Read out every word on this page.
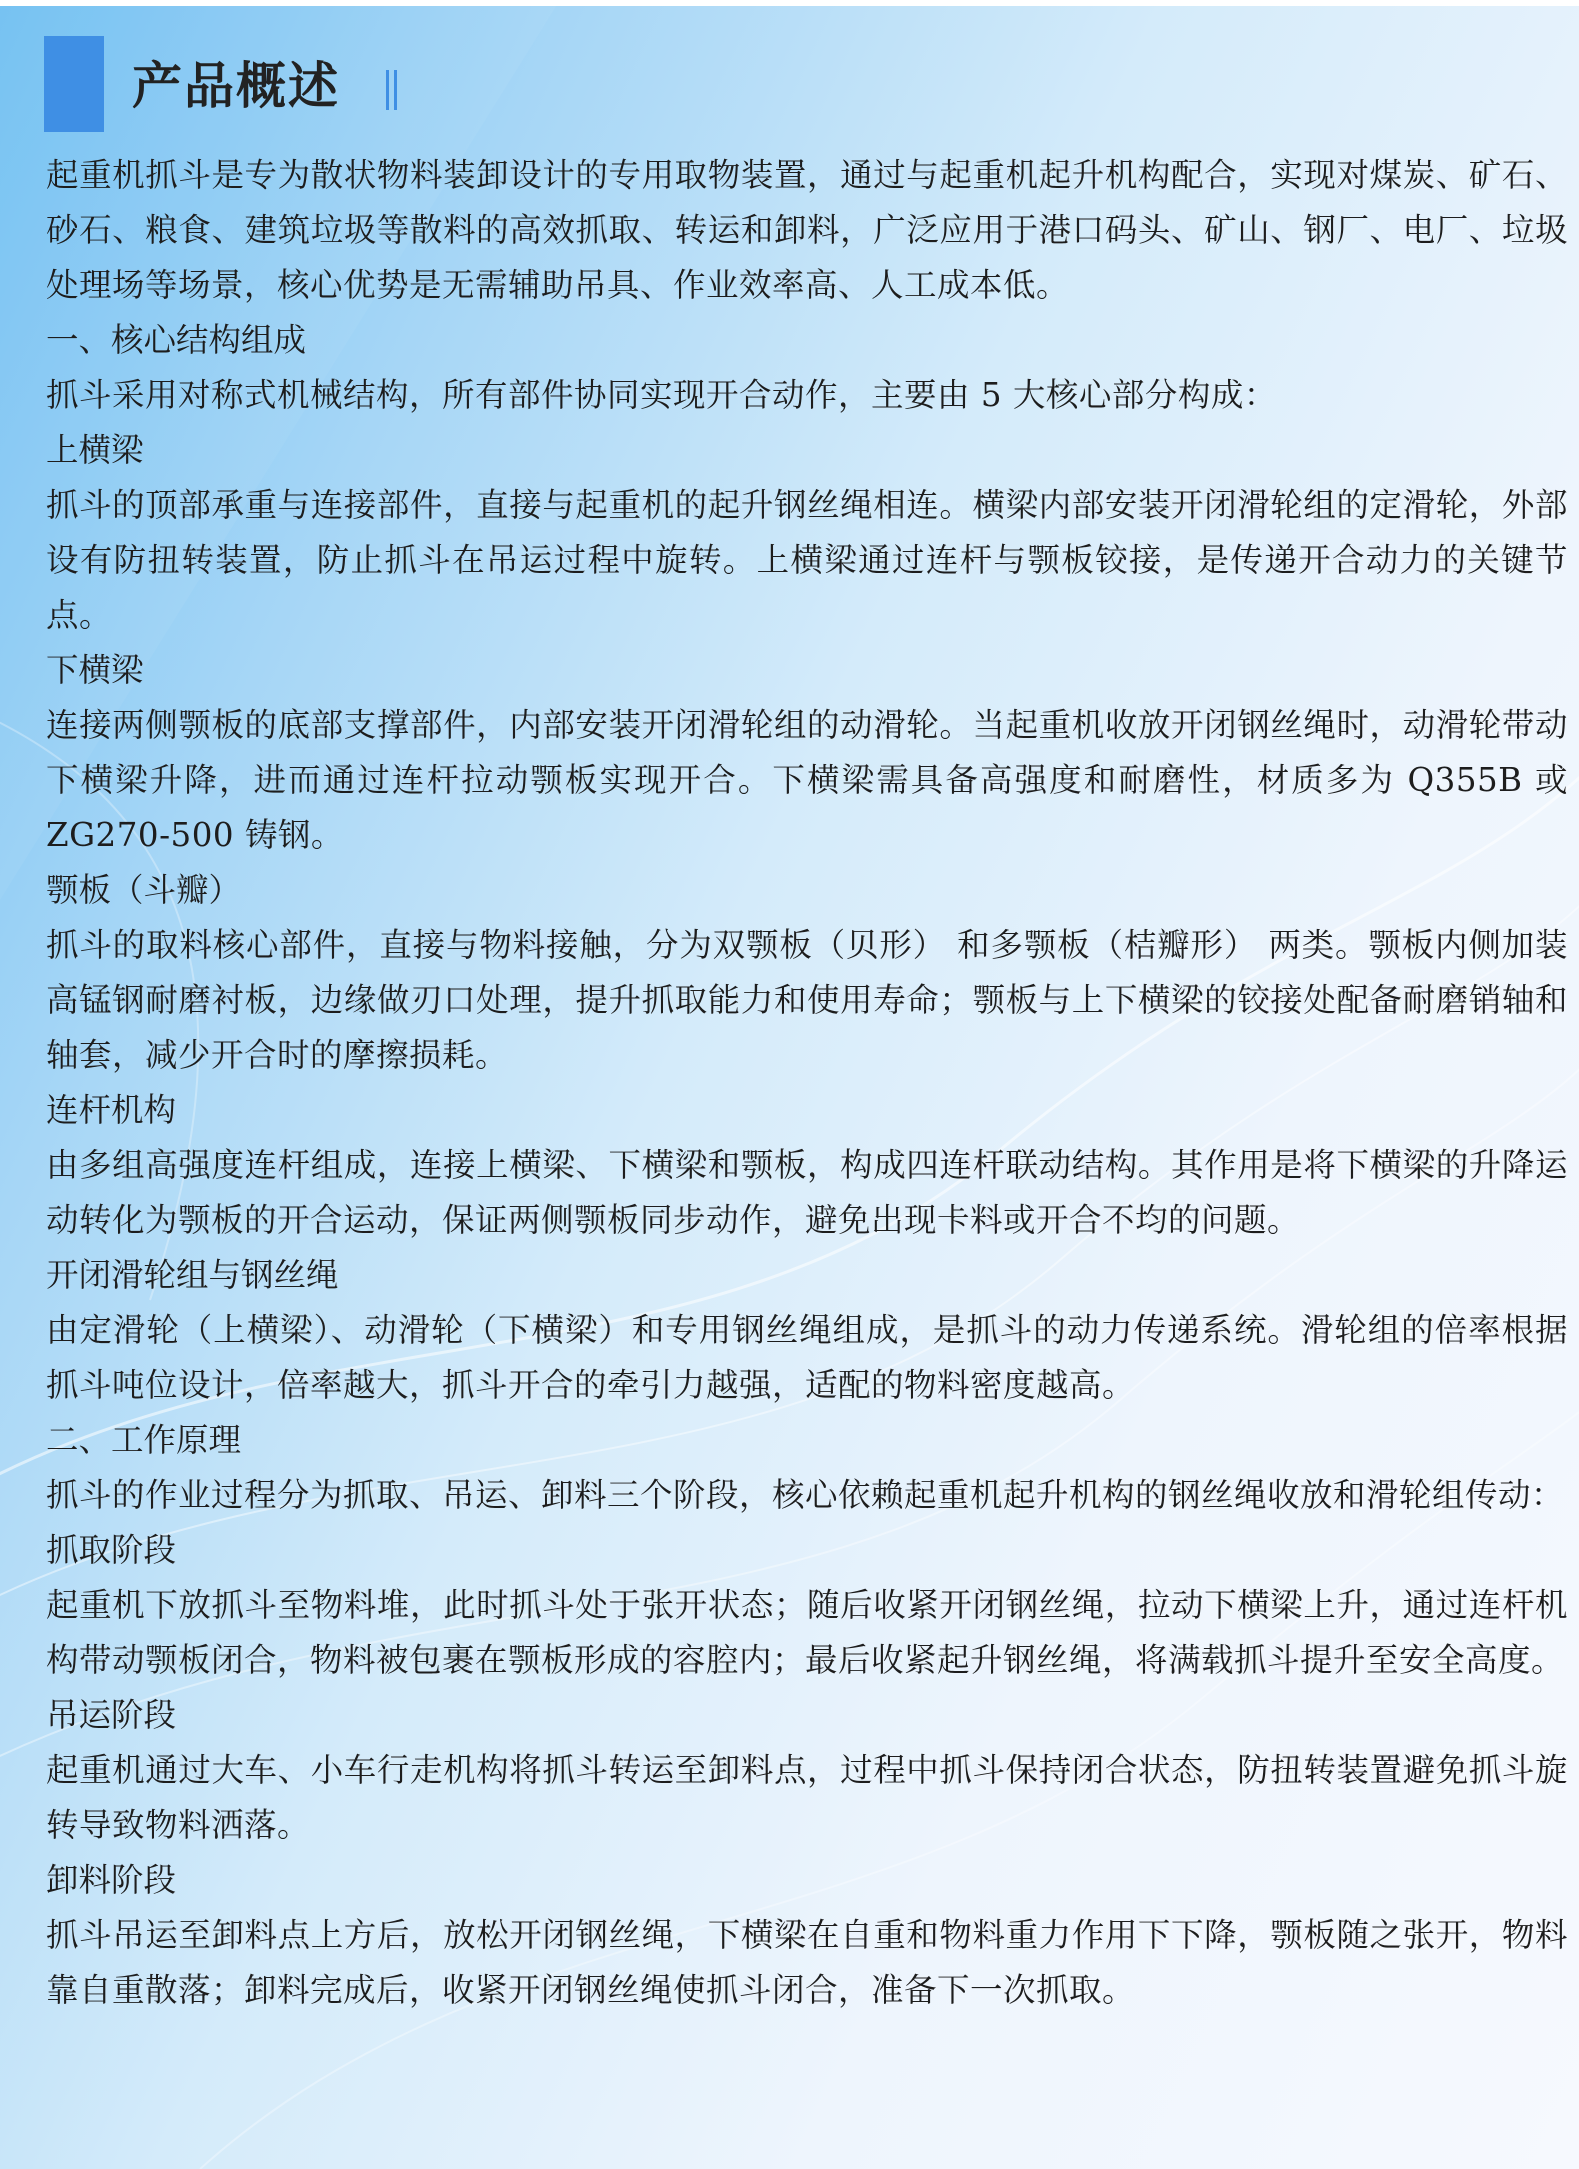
产品概述

起重机抓斗是专为散状物料装卸设计的专用取物装置，通过与起重机起升机构配合，实现对煤炭、矿石、砂石、粮食、建筑垃圾等散料的高效抓取、转运和卸料，广泛应用于港口码头、矿山、钢厂、电厂、垃圾处理场等场景，核心优势是无需辅助吊具、作业效率高、人工成本低。

一、核心结构组成

抓斗采用对称式机械结构，所有部件协同实现开合动作，主要由 5 大核心部分构成：

上横梁

抓斗的顶部承重与连接部件，直接与起重机的起升钢丝绳相连。横梁内部安装开闭滑轮组的定滑轮，外部设有防扭转装置，防止抓斗在吊运过程中旋转。上横梁通过连杆与颚板铰接，是传递开合动力的关键节点。

下横梁

连接两侧颚板的底部支撑部件，内部安装开闭滑轮组的动滑轮。当起重机收放开闭钢丝绳时，动滑轮带动下横梁升降，进而通过连杆拉动颚板实现开合。下横梁需具备高强度和耐磨性，材质多为 Q355B 或 ZG270-500 铸钢。

颚板（斗瓣）

抓斗的取料核心部件，直接与物料接触，分为双颚板（贝形） 和多颚板（桔瓣形） 两类。颚板内侧加装高锰钢耐磨衬板，边缘做刃口处理，提升抓取能力和使用寿命；颚板与上下横梁的铰接处配备耐磨销轴和轴套，减少开合时的摩擦损耗。

连杆机构

由多组高强度连杆组成，连接上横梁、下横梁和颚板，构成四连杆联动结构。其作用是将下横梁的升降运动转化为颚板的开合运动，保证两侧颚板同步动作，避免出现卡料或开合不均的问题。

开闭滑轮组与钢丝绳

由定滑轮（上横梁）、动滑轮（下横梁）和专用钢丝绳组成，是抓斗的动力传递系统。滑轮组的倍率根据抓斗吨位设计，倍率越大，抓斗开合的牵引力越强，适配的物料密度越高。

二、工作原理

抓斗的作业过程分为抓取、吊运、卸料三个阶段，核心依赖起重机起升机构的钢丝绳收放和滑轮组传动：

抓取阶段

起重机下放抓斗至物料堆，此时抓斗处于张开状态；随后收紧开闭钢丝绳，拉动下横梁上升，通过连杆机构带动颚板闭合，物料被包裹在颚板形成的容腔内；最后收紧起升钢丝绳，将满载抓斗提升至安全高度。

吊运阶段

起重机通过大车、小车行走机构将抓斗转运至卸料点，过程中抓斗保持闭合状态，防扭转装置避免抓斗旋转导致物料洒落。

卸料阶段

抓斗吊运至卸料点上方后，放松开闭钢丝绳，下横梁在自重和物料重力作用下下降，颚板随之张开，物料靠自重散落；卸料完成后，收紧开闭钢丝绳使抓斗闭合，准备下一次抓取。
